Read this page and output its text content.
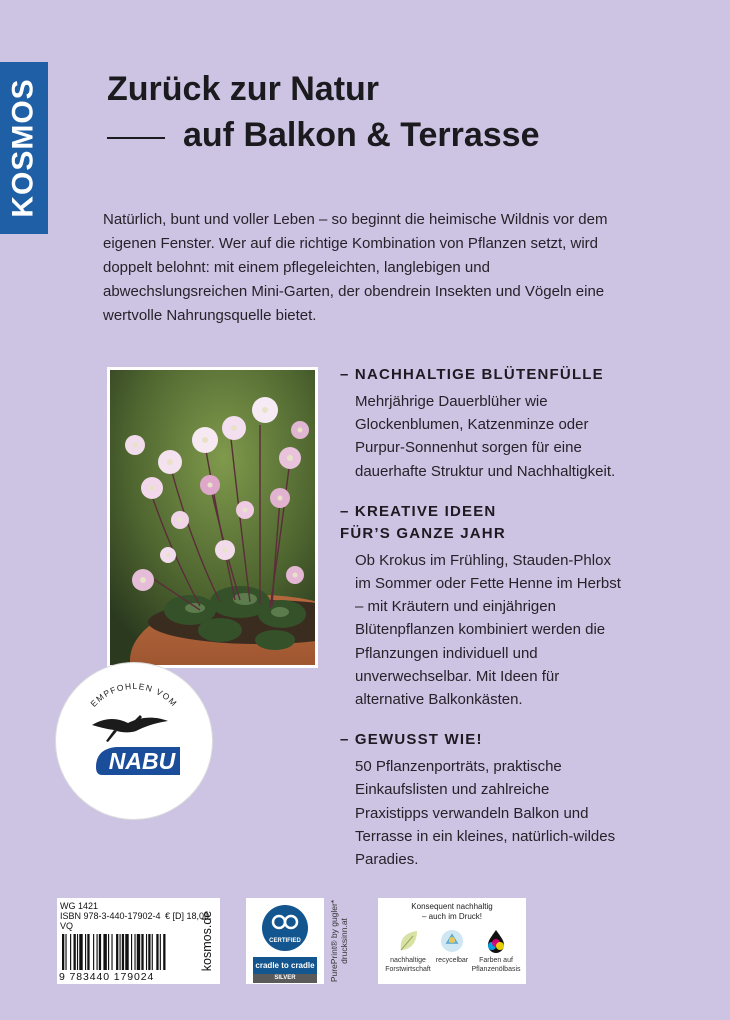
KOSMOS Zurück zur Natur
auf Balkon & Terrasse
Natürlich, bunt und voller Leben – so beginnt die heimische Wildnis vor dem eigenen Fenster. Wer auf die richtige Kombination von Pflanzen setzt, wird doppelt belohnt: mit einem pflegeleichten, langlebigen und abwechslungsreichen Mini-Garten, der obendrein Insekten und Vögeln eine wertvolle Nahrungsquelle bietet.
EMPFOHLEN VOM
NABU
– NACHHALTIGE BLÜTENFÜLLE

Mehrjährige Dauerblüher wie Glockenblumen, Katzenminze oder Purpur-Sonnenhut sorgen für eine dauerhafte Struktur und Nachhaltigkeit.

– KREATIVE IDEEN
FÜR’S GANZE JAHR

Ob Krokus im Frühling, Stauden-Phlox im Sommer oder Fette Henne im Herbst – mit Kräutern und einjährigen Blütenpflanzen kombiniert werden die Pflanzungen individuell und unverwechselbar. Mit Ideen für alternative Balkonkästen.

– GEWUSST WIE!

50 Pflanzenporträts, praktische Einkaufslisten und zahlreiche Praxistipps verwandeln Balkon und Terrasse in ein kleines, natürlich-wildes Paradies.

WG 1421
ISBN 978-3-440-17902-4 € [D] 18,00
VQ
9 783440 179024
kosmos.de	CERTIFIED
cradle to cradle
SILVER	PurePrint® by gugler*
drucksinn.at
Konsequent nachhaltig
– auch im Druck!
nachhaltige Forstwirtschaft
recycelbar	Farben auf Pflanzenölbasis
